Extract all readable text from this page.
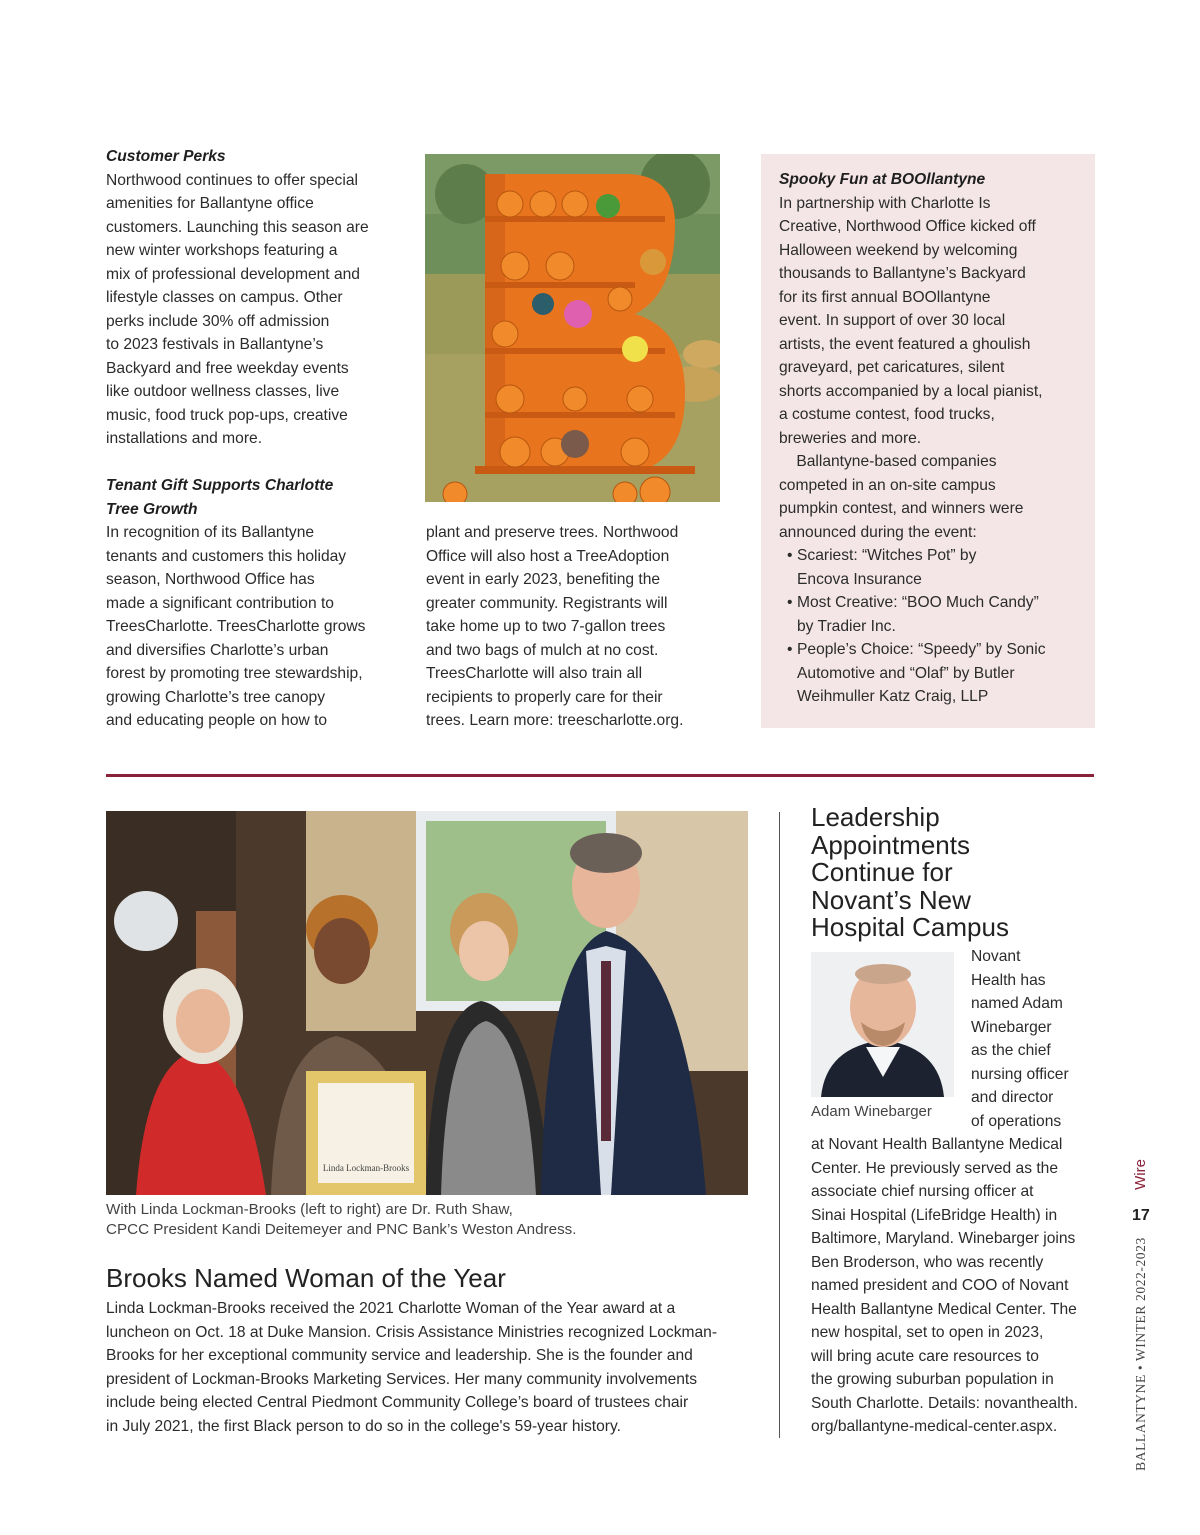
Customer Perks

Northwood continues to offer special
amenities for Ballantyne office
customers. Launching this season are
new winter workshops featuring a
mix of professional development and
lifestyle classes on campus. Other
perks include 30% off admission
to 2023 festivals in Ballantyne’s
Backyard and free weekday events
like outdoor wellness classes, live
music, food truck pop-ups, creative
installations and more.

Tenant Gift Supports Charlotte

Tree Growth

In recognition of its Ballantyne
tenants and customers this holiday
season, Northwood Office has
made a significant contribution to
TreesCharlotte. TreesCharlotte grows
and diversifies Charlotte’s urban
forest by promoting tree stewardship,
growing Charlotte’s tree canopy
and educating people on how to
plant and preserve trees. Northwood
Office will also host a TreeAdoption
event in early 2023, benefiting the
greater community. Registrants will
take home up to two 7-gallon trees
and two bags of mulch at no cost.
TreesCharlotte will also train all
recipients to properly care for their
trees. Learn more: treescharlotte.org.

Spooky Fun at BOOllantyne

In partnership with Charlotte Is
Creative, Northwood Office kicked off
Halloween weekend by welcoming
thousands to Ballantyne’s Backyard
for its first annual BOOllantyne
event. In support of over 30 local
artists, the event featured a ghoulish
graveyard, pet caricatures, silent
shorts accompanied by a local pianist,
a costume contest, food trucks,
breweries and more.
Ballantyne-based companies
competed in an on-site campus
pumpkin contest, and winners were
announced during the event:
• Scariest: “Witches Pot” by
Encova Insurance
• Most Creative: “BOO Much Candy”
by Tradier Inc.
• People’s Choice: “Speedy” by Sonic
Automotive and “Olaf” by Butler
Weihmuller Katz Craig, LLP
Linda Lockman-Brooks
With Linda Lockman-Brooks (left to right) are Dr. Ruth Shaw,
CPCC President Kandi Deitemeyer and PNC Bank’s Weston Andress.
Brooks Named Woman of the Year
Linda Lockman-Brooks received the 2021 Charlotte Woman of the Year award at a
luncheon on Oct. 18 at Duke Mansion. Crisis Assistance Ministries recognized Lockman-
Brooks for her exceptional community service and leadership. She is the founder and
president of Lockman-Brooks Marketing Services. Her many community involvements
include being elected Central Piedmont Community College’s board of trustees chair
in July 2021, the first Black person to do so in the college's 59-year history.
Leadership
Appointments
Continue for
Novant’s New
Hospital Campus
Adam Winebarger
Novant
Health has
named Adam
Winebarger
as the chief
nursing officer
and director
of operations
at Novant Health Ballantyne Medical
Center. He previously served as the
associate chief nursing officer at
Sinai Hospital (LifeBridge Health) in
Baltimore, Maryland. Winebarger joins
Ben Broderson, who was recently
named president and COO of Novant
Health Ballantyne Medical Center. The
new hospital, set to open in 2023,
will bring acute care resources to
the growing suburban population in
South Charlotte. Details: novanthealth.
org/ballantyne-medical-center.aspx.
Wire
17
BALLANTYNE • WINTER 2022-2023
